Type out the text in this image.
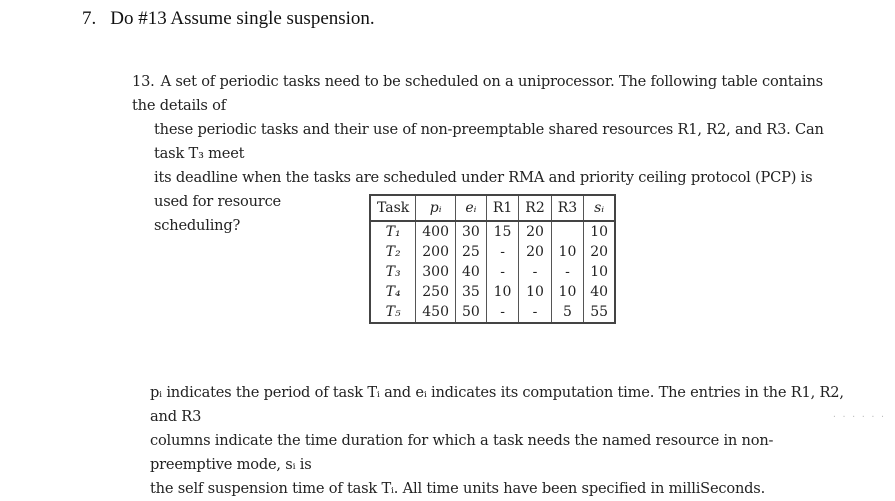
7. Do #13 Assume single suspension.
13. A set of periodic tasks need to be scheduled on a uniprocessor. The following table contains the details of
these periodic tasks and their use of non-preemptable shared resources R1, R2, and R3. Can task T₃ meet
its deadline when the tasks are scheduled under RMA and priority ceiling protocol (PCP) is used for resource
scheduling?
Task	pᵢ	eᵢ	R1	R2	R3	sᵢ
T₁	400	30	15	20		10
T₂	200	25	-	20	10	20
T₃	300	40	-	-	-	10
T₄	250	35	10	10	10	40
T₅	450	50	-	-	5	55
pᵢ indicates the period of task Tᵢ and eᵢ indicates its computation time. The entries in the R1, R2, and R3
columns indicate the time duration for which a task needs the named resource in non-preemptive mode, sᵢ is
the self suspension time of task Tᵢ. All time units have been specified in milliSeconds.
. . . . . .
